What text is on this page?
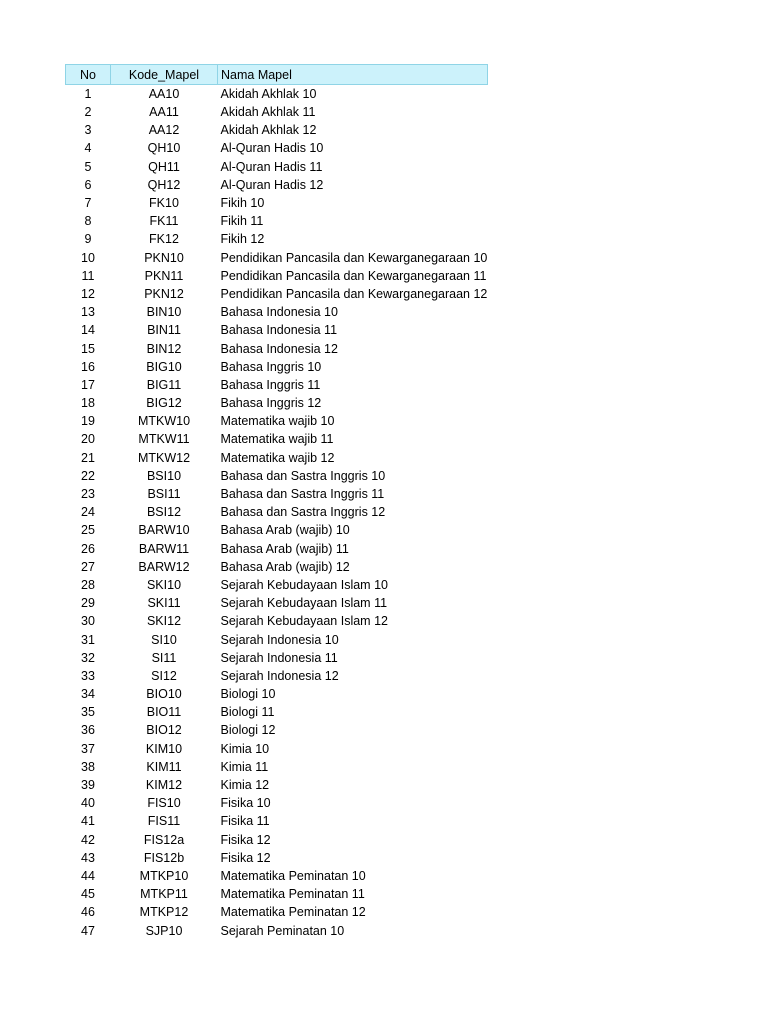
No	Kode_Mapel	Nama Mapel
1	AA10	Akidah Akhlak 10
2	AA11	Akidah Akhlak 11
3	AA12	Akidah Akhlak 12
4	QH10	Al-Quran Hadis 10
5	QH11	Al-Quran Hadis 11
6	QH12	Al-Quran Hadis 12
7	FK10	Fikih 10
8	FK11	Fikih 11
9	FK12	Fikih 12
10	PKN10	Pendidikan Pancasila dan Kewarganegaraan 10
11	PKN11	Pendidikan Pancasila dan Kewarganegaraan 11
12	PKN12	Pendidikan Pancasila dan Kewarganegaraan 12
13	BIN10	Bahasa Indonesia 10
14	BIN11	Bahasa Indonesia 11
15	BIN12	Bahasa Indonesia 12
16	BIG10	Bahasa Inggris 10
17	BIG11	Bahasa Inggris 11
18	BIG12	Bahasa Inggris 12
19	MTKW10	Matematika wajib 10
20	MTKW11	Matematika wajib 11
21	MTKW12	Matematika wajib 12
22	BSI10	Bahasa dan Sastra Inggris 10
23	BSI11	Bahasa dan Sastra Inggris 11
24	BSI12	Bahasa dan Sastra Inggris 12
25	BARW10	Bahasa Arab (wajib) 10
26	BARW11	Bahasa Arab (wajib) 11
27	BARW12	Bahasa Arab (wajib) 12
28	SKI10	Sejarah Kebudayaan Islam 10
29	SKI11	Sejarah Kebudayaan Islam 11
30	SKI12	Sejarah Kebudayaan Islam 12
31	SI10	Sejarah Indonesia 10
32	SI11	Sejarah Indonesia 11
33	SI12	Sejarah Indonesia 12
34	BIO10	Biologi 10
35	BIO11	Biologi 11
36	BIO12	Biologi 12
37	KIM10	Kimia 10
38	KIM11	Kimia 11
39	KIM12	Kimia 12
40	FIS10	Fisika 10
41	FIS11	Fisika 11
42	FIS12a	Fisika 12
43	FIS12b	Fisika 12
44	MTKP10	Matematika Peminatan 10
45	MTKP11	Matematika Peminatan 11
46	MTKP12	Matematika Peminatan 12
47	SJP10	Sejarah Peminatan 10
